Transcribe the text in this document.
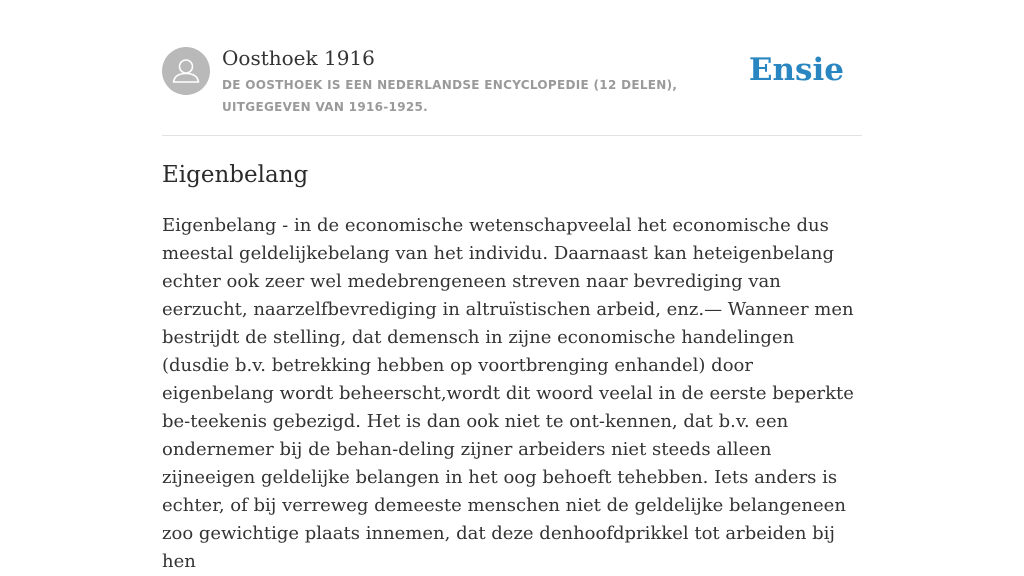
Oosthoek 1916
DE OOSTHOEK IS EEN NEDERLANDSE ENCYCLOPEDIE (12 DELEN), UITGEGEVEN VAN 1916-1925.
Ensie
Eigenbelang

Eigenbelang - in de economische wetenschapveelal het economische dus meestal geldelijkebelang van het individu. Daarnaast kan heteigenbelang echter ook zeer wel medebrengeneen streven naar bevrediging van eerzucht, naarzelfbevrediging in altruïstischen arbeid, enz.— Wanneer men bestrijdt de stelling, dat demensch in zijne economische handelingen (dusdie b.v. betrekking hebben op voortbrenging enhandel) door eigenbelang wordt beheerscht,wordt dit woord veelal in de eerste beperkte be-teekenis gebezigd. Het is dan ook niet te ont-kennen, dat b.v. een ondernemer bij de behan-deling zijner arbeiders niet steeds alleen zijneeigen geldelijke belangen in het oog behoeft tehebben. Iets anders is echter, of bij verreweg demeeste menschen niet de geldelijke belangeneen zoo gewichtige plaats innemen, dat deze denhoofdprikkel tot arbeiden bij hen
